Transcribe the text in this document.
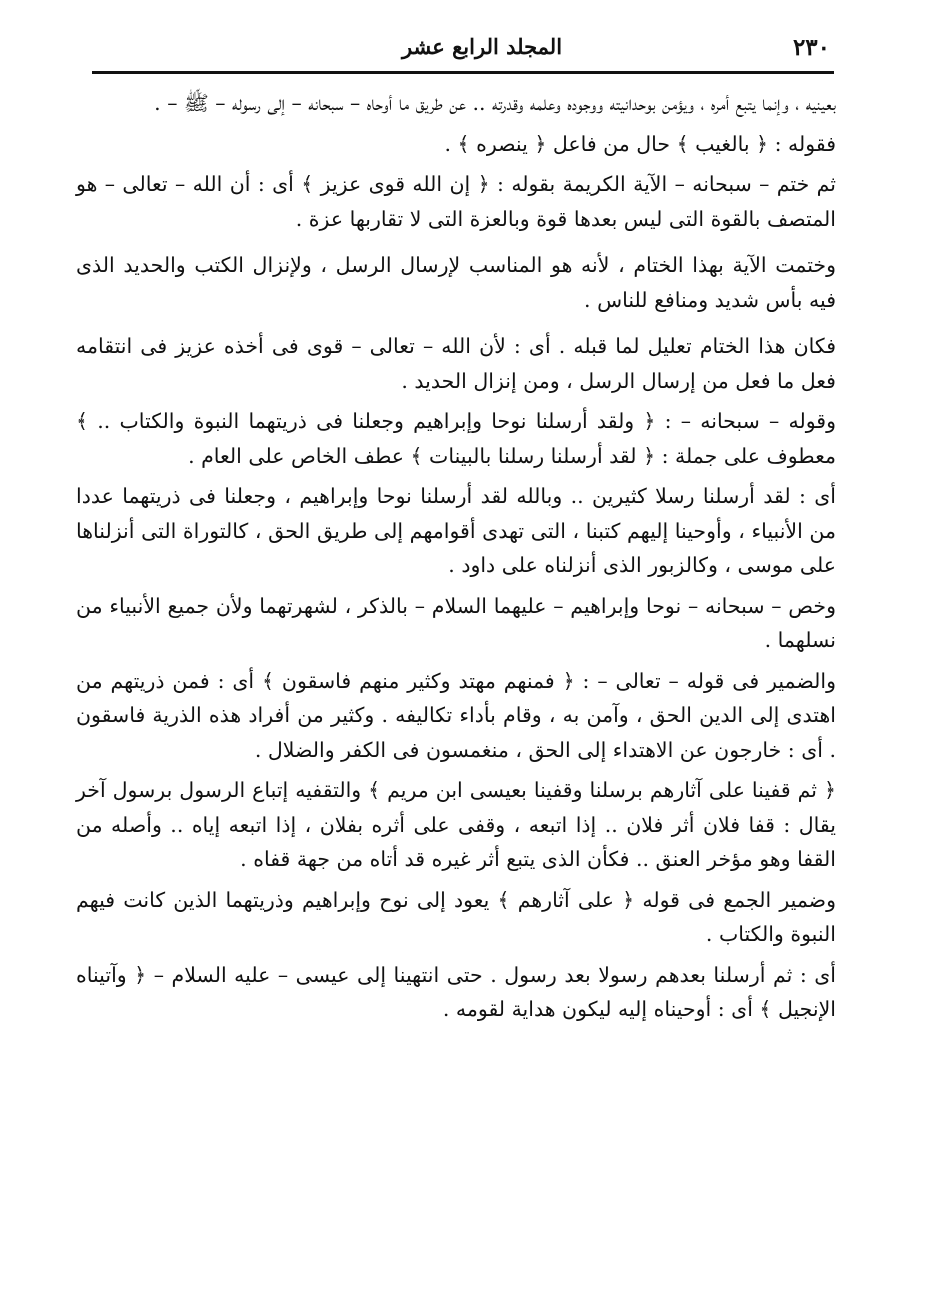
٢٣٠
المجلد الرابع عشر

بعينيه ، وإنما يتبع أمره ، ويؤمن بوحدانيته ووجوده وعلمه وقدرته .. عن طريق ما أوحاه – سبحانه – إلى رسوله – ﷺ – .

فقوله : ﴿ بالغيب ﴾ حال من فاعل ﴿ ينصره ﴾ .

ثم ختم – سبحانه – الآية الكريمة بقوله : ﴿ إن الله قوى عزيز ﴾ أى : أن الله – تعالى – هو المتصف بالقوة التى ليس بعدها قوة وبالعزة التى لا تقاربها عزة .

وختمت الآية بهذا الختام ، لأنه هو المناسب لإرسال الرسل ، ولإنزال الكتب والحديد الذى فيه بأس شديد ومنافع للناس .

فكان هذا الختام تعليل لما قبله . أى : لأن الله – تعالى – قوى فى أخذه عزيز فى انتقامه فعل ما فعل من إرسال الرسل ، ومن إنزال الحديد .

وقوله – سبحانه – : ﴿ ولقد أرسلنا نوحا وإبراهيم وجعلنا فى ذريتهما النبوة والكتاب .. ﴾ معطوف على جملة : ﴿ لقد أرسلنا رسلنا بالبينات ﴾ عطف الخاص على العام .

أى : لقد أرسلنا رسلا كثيرين .. وبالله لقد أرسلنا نوحا وإبراهيم ، وجعلنا فى ذريتهما عددا من الأنبياء ، وأوحينا إليهم كتبنا ، التى تهدى أقوامهم إلى طريق الحق ، كالتوراة التى أنزلناها على موسى ، وكالزبور الذى أنزلناه على داود .

وخص – سبحانه – نوحا وإبراهيم – عليهما السلام – بالذكر ، لشهرتهما ولأن جميع الأنبياء من نسلهما .

والضمير فى قوله – تعالى – : ﴿ فمنهم مهتد وكثير منهم فاسقون ﴾ أى : فمن ذريتهم من اهتدى إلى الدين الحق ، وآمن به ، وقام بأداء تكاليفه . وكثير من أفراد هذه الذرية فاسقون . أى : خارجون عن الاهتداء إلى الحق ، منغمسون فى الكفر والضلال .

﴿ ثم قفينا على آثارهم برسلنا وقفينا بعيسى ابن مريم ﴾ والتقفيه إتباع الرسول برسول آخر يقال : قفا فلان أثر فلان .. إذا اتبعه ، وقفى على أثره بفلان ، إذا اتبعه إياه .. وأصله من القفا وهو مؤخر العنق .. فكأن الذى يتبع أثر غيره قد أتاه من جهة قفاه .

وضمير الجمع فى قوله ﴿ على آثارهم ﴾ يعود إلى نوح وإبراهيم وذريتهما الذين كانت فيهم النبوة والكتاب .

أى : ثم أرسلنا بعدهم رسولا بعد رسول . حتى انتهينا إلى عيسى – عليه السلام – ﴿ وآتيناه الإنجيل ﴾ أى : أوحيناه إليه ليكون هداية لقومه .
